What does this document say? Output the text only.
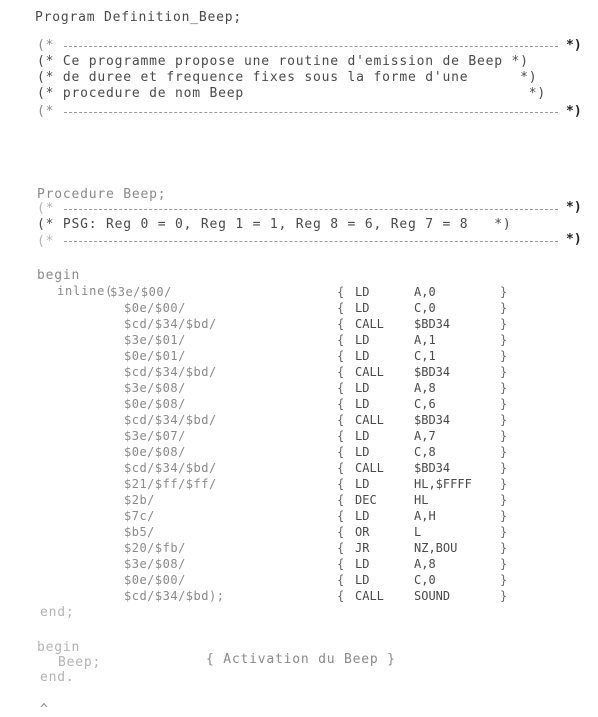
Program Definition_Beep;
(*	*)
(* Ce programme propose une routine d'emission de Beep *)
(* de duree et frequence fixes sous la forme d'une      *)
(* procedure de nom Beep                                 *)
(*	*)
Procedure Beep;
(*	*)
(* PSG: Reg 0 = 0, Reg 1 = 1, Reg 8 = 6, Reg 7 = 8   *)
(*	*)
begin
inline(
$3e/$00/	{ LD	A,0	}
$0e/$00/	{ LD	C,0	}
$cd/$34/$bd/	{ CALL	$BD34	}
$3e/$01/	{ LD	A,1	}
$0e/$01/	{ LD	C,1	}
$cd/$34/$bd/	{ CALL	$BD34	}
$3e/$08/	{ LD	A,8	}
$0e/$08/	{ LD	C,6	}
$cd/$34/$bd/	{ CALL	$BD34	}
$3e/$07/	{ LD	A,7	}
$0e/$08/	{ LD	C,8	}
$cd/$34/$bd/	{ CALL	$BD34	}
$21/$ff/$ff/	{ LD	HL,$FFFF }
$2b/	{ DEC	HL	}
$7c/	{ LD	A,H	}
$b5/	{ OR	L	}
$20/$fb/	{ JR	NZ,BOU	}
$3e/$08/	{ LD	A,8	}
$0e/$00/	{ LD	C,0	}
$cd/$34/$bd);	{ CALL	SOUND	}
end;
begin
Beep;	{ Activation du Beep }
end.
^
